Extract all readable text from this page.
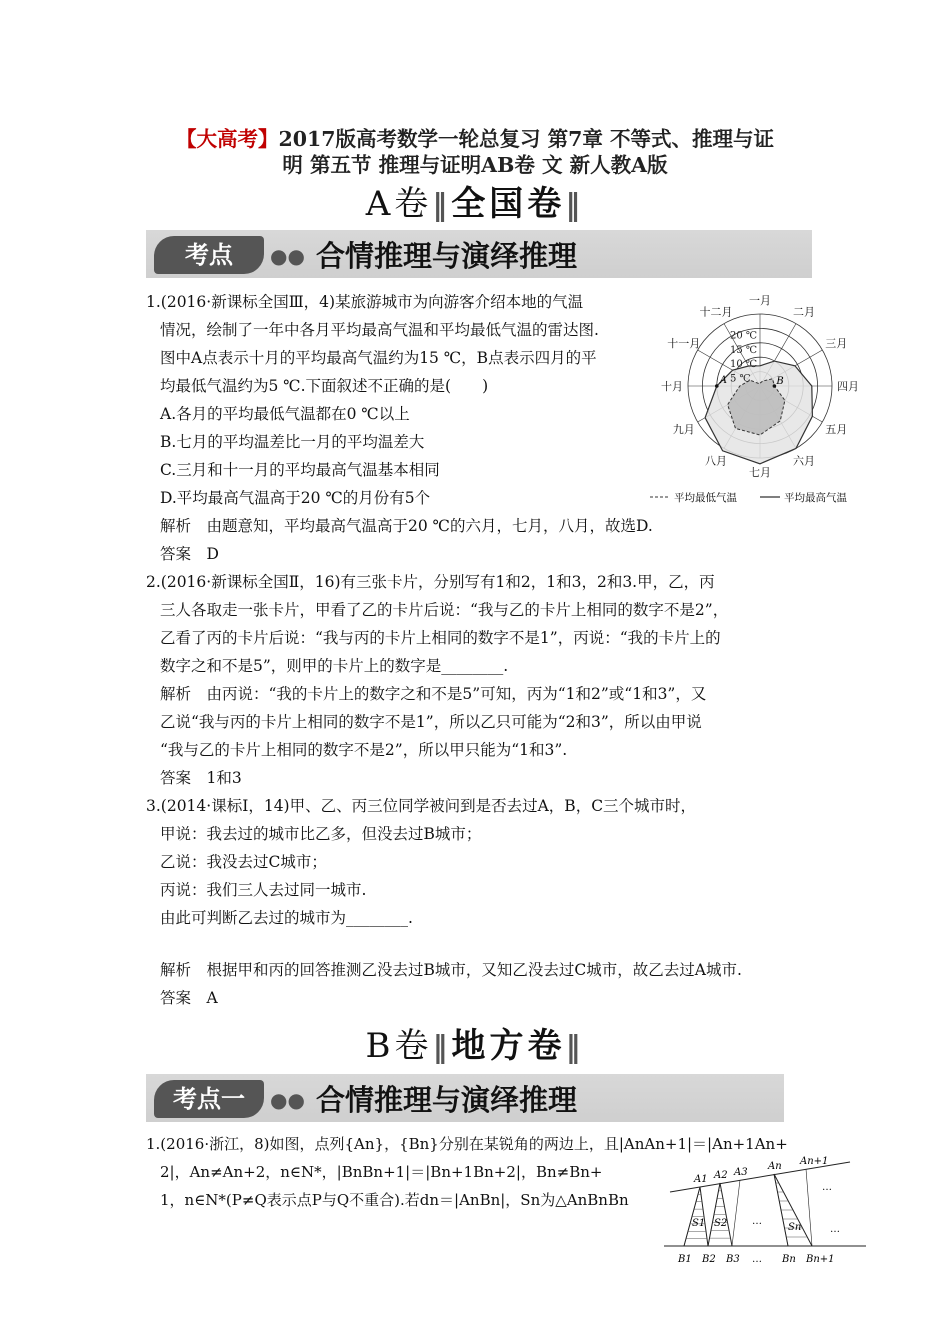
【大高考】2017版高考数学一轮总复习 第7章 不等式、推理与证
明 第五节 推理与证明AB卷 文 新人教A版
A卷‖全国卷‖
考点	●● 合情推理与演绎推理
1.(2016·新课标全国Ⅲ，4)某旅游城市为向游客介绍本地的气温
情况，绘制了一年中各月平均最高气温和平均最低气温的雷达图.
图中A点表示十月的平均最高气温约为15 ℃，B点表示四月的平
均最低气温约为5 ℃.下面叙述不正确的是(　　)
A.各月的平均最低气温都在0 ℃以上
B.七月的平均温差比一月的平均温差大
C.三月和十一月的平均最高气温基本相同
D.平均最高气温高于20 ℃的月份有5个
解析　由题意知，平均最高气温高于20 ℃的六月，七月，八月，故选D.
答案　D
20 ℃
15 ℃
10 ℃
5 ℃
一月
二月
三月
四月
五月
六月
七月
八月
九月
十月
十一月
十二月
A	B
平均最低气温	平均最高气温
2.(2016·新课标全国Ⅱ，16)有三张卡片，分别写有1和2，1和3，2和3.甲，乙，丙
三人各取走一张卡片，甲看了乙的卡片后说：“我与乙的卡片上相同的数字不是2”，
乙看了丙的卡片后说：“我与丙的卡片上相同的数字不是1”，丙说：“我的卡片上的
数字之和不是5”，则甲的卡片上的数字是________.
解析　由丙说：“我的卡片上的数字之和不是5”可知，丙为“1和2”或“1和3”，又
乙说“我与丙的卡片上相同的数字不是1”，所以乙只可能为“2和3”，所以由甲说
“我与乙的卡片上相同的数字不是2”，所以甲只能为“1和3”.
答案　1和3
3.(2014·课标Ⅰ，14)甲、乙、丙三位同学被问到是否去过A，B，C三个城市时，
甲说：我去过的城市比乙多，但没去过B城市；
乙说：我没去过C城市；
丙说：我们三人去过同一城市.
由此可判断乙去过的城市为________.
解析　根据甲和丙的回答推测乙没去过B城市，又知乙没去过C城市，故乙去过A城市.
答案　A
B卷‖地方卷‖
考点一	●● 合情推理与演绎推理
1.(2016·浙江，8)如图，点列{An}，{Bn}分别在某锐角的两边上，且|AnAn+1|＝|An+1An+
2|，An≠An+2，n∈N*，|BnBn+1|＝|Bn+1Bn+2|，Bn≠Bn+
1，n∈N*(P≠Q表示点P与Q不重合).若dn＝|AnBn|，Sn为△AnBnBn
A1 A2 A3
An An+1
B1 B2 B3	Bn Bn+1
S1 S2	Sn
…
…
…
…
